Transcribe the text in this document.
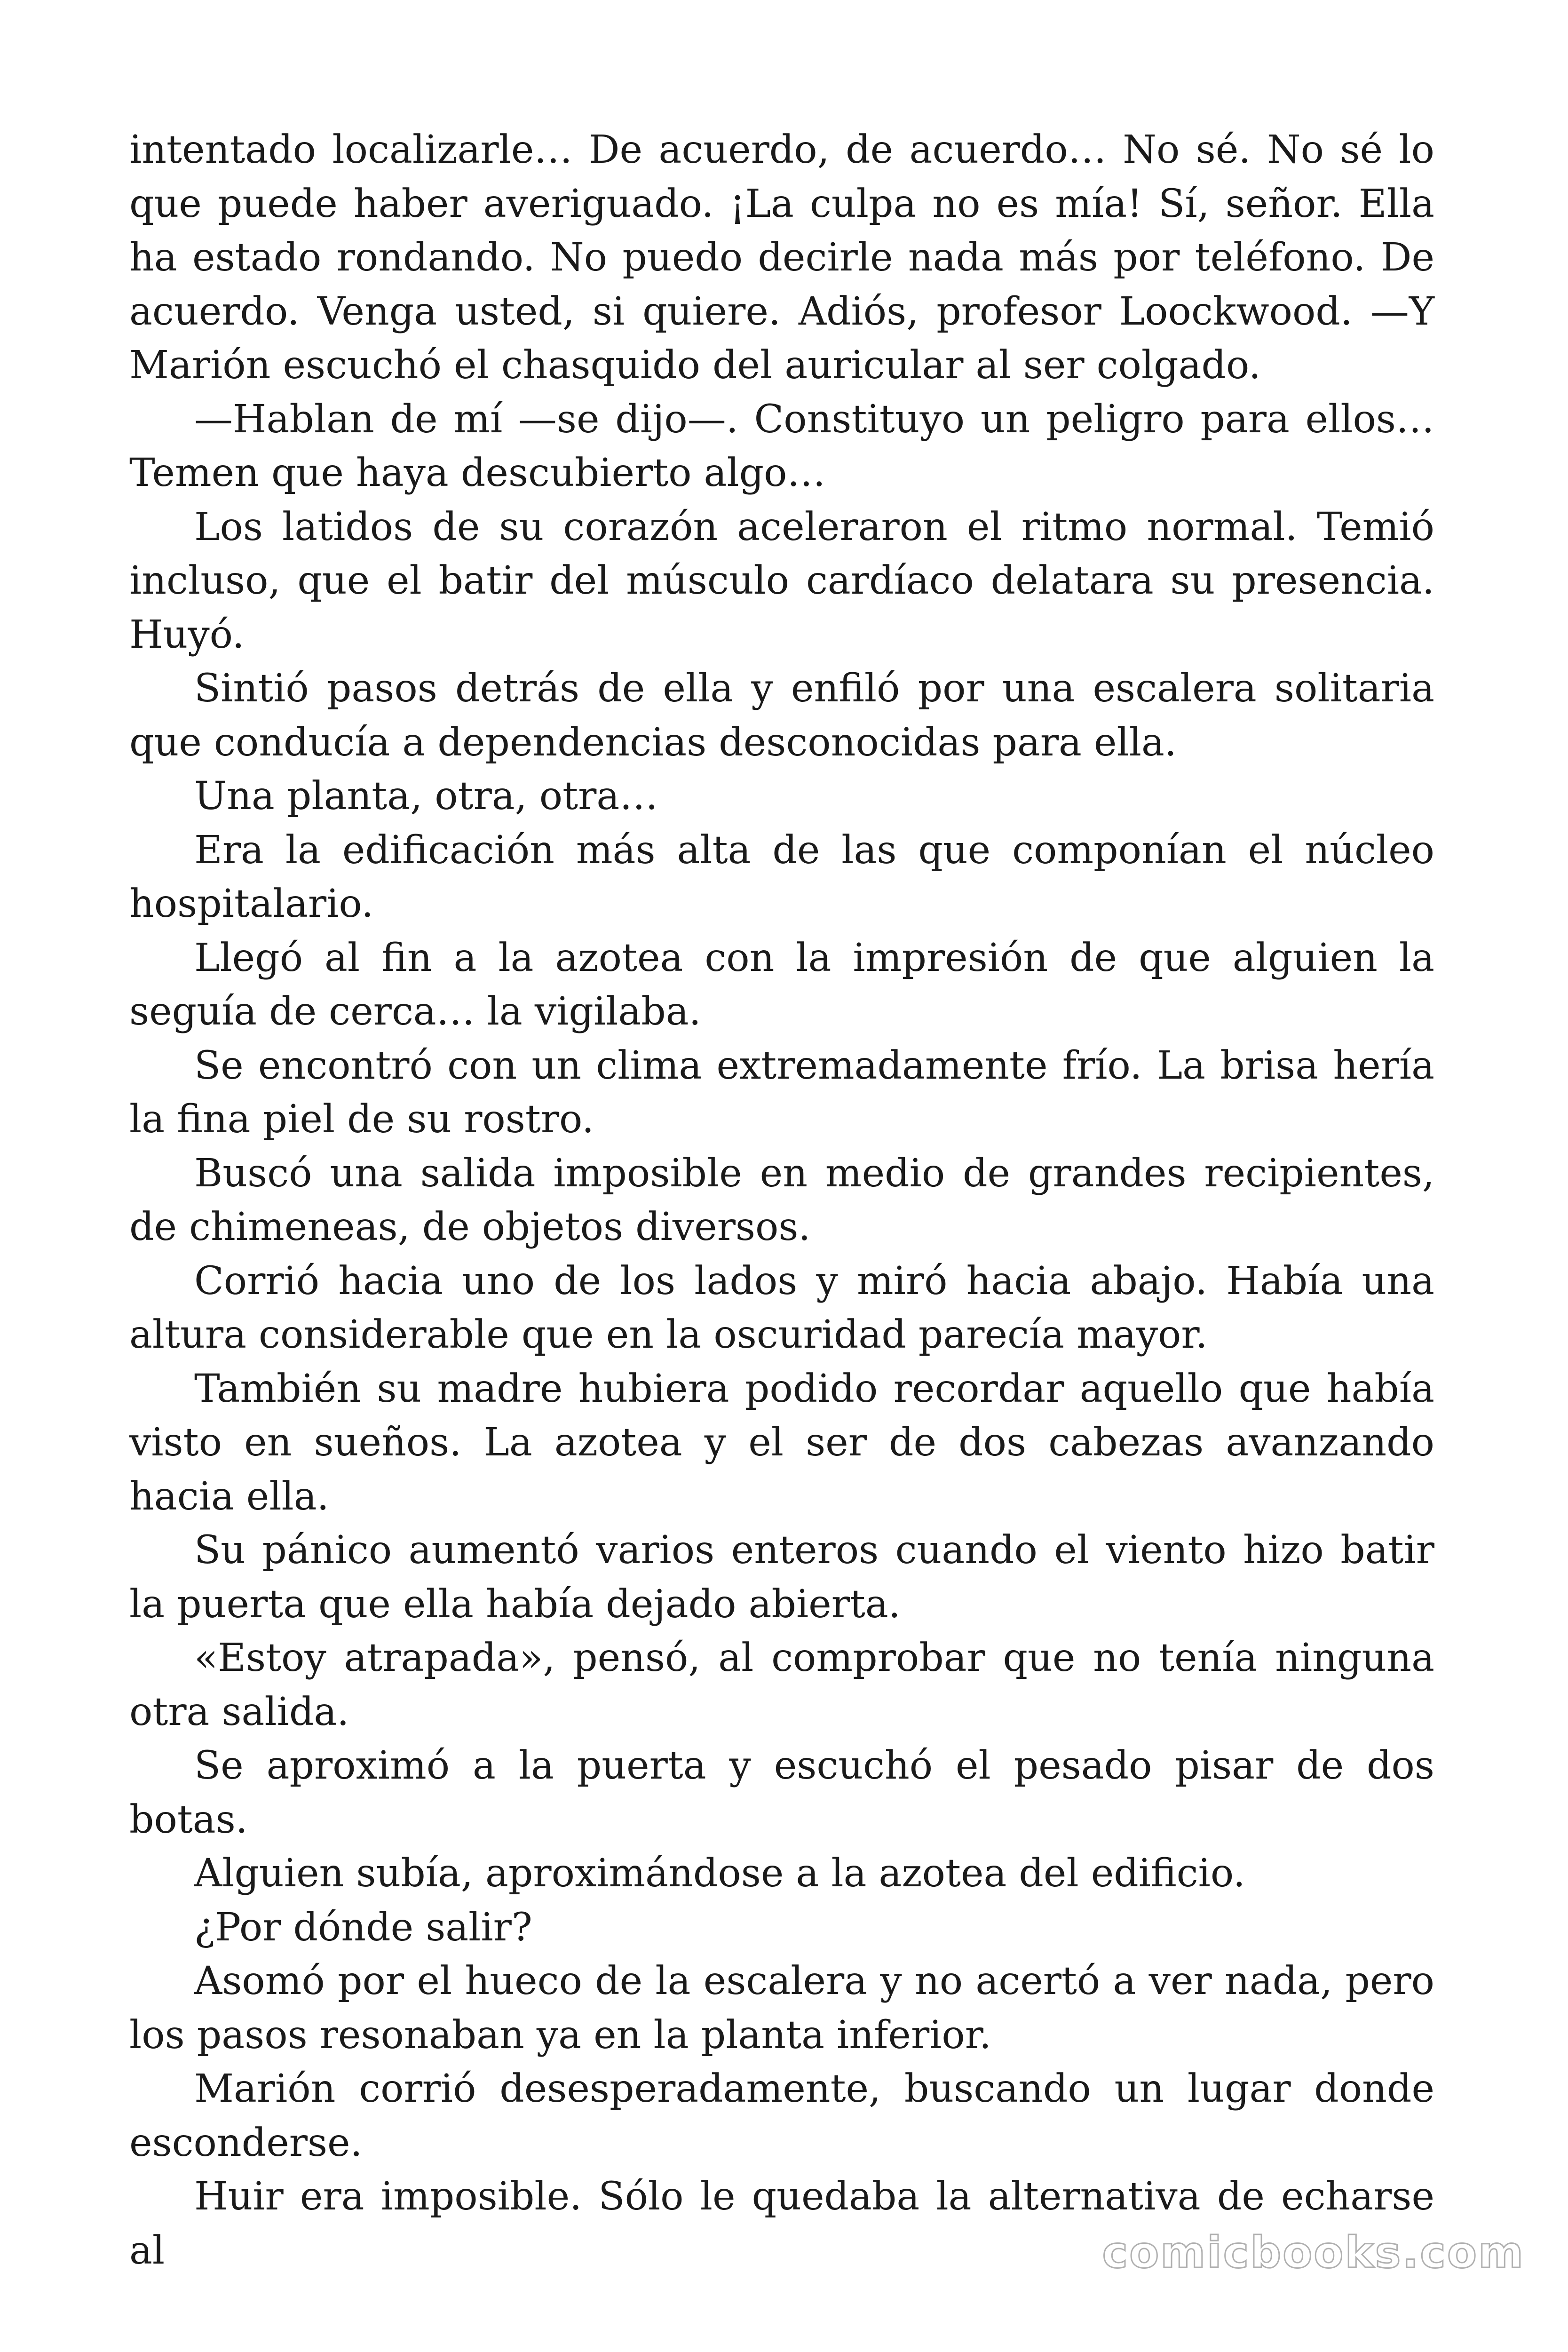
intentado localizarle… De acuerdo, de acuerdo… No sé. No sé lo que puede haber averiguado. ¡La culpa no es mía! Sí, señor. Ella ha estado rondando. No puedo decirle nada más por teléfono. De acuerdo. Venga usted, si quiere. Adiós, profesor Loockwood. —Y Marión escuchó el chasquido del auricular al ser colgado.

—Hablan de mí —se dijo—. Constituyo un peligro para ellos… Temen que haya descubierto algo…

Los latidos de su corazón aceleraron el ritmo normal. Temió incluso, que el batir del músculo cardíaco delatara su presencia. Huyó.

Sintió pasos detrás de ella y enfiló por una escalera solitaria que conducía a dependencias desconocidas para ella.

Una planta, otra, otra…

Era la edificación más alta de las que componían el núcleo hospitalario.

Llegó al fin a la azotea con la impresión de que alguien la seguía de cerca… la vigilaba.

Se encontró con un clima extremadamente frío. La brisa hería la fina piel de su rostro.

Buscó una salida imposible en medio de grandes recipientes, de chimeneas, de objetos diversos.

Corrió hacia uno de los lados y miró hacia abajo. Había una altura considerable que en la oscuridad parecía mayor.

También su madre hubiera podido recordar aquello que había visto en sueños. La azotea y el ser de dos cabezas avanzando hacia ella.

Su pánico aumentó varios enteros cuando el viento hizo batir la puerta que ella había dejado abierta.

«Estoy atrapada», pensó, al comprobar que no tenía ninguna otra salida.

Se aproximó a la puerta y escuchó el pesado pisar de dos botas.

Alguien subía, aproximándose a la azotea del edificio.

¿Por dónde salir?

Asomó por el hueco de la escalera y no acertó a ver nada, pero los pasos resonaban ya en la planta inferior.

Marión corrió desesperadamente, buscando un lugar donde esconderse.

Huir era imposible. Sólo le quedaba la alternativa de echarse al	comicbooks.com
